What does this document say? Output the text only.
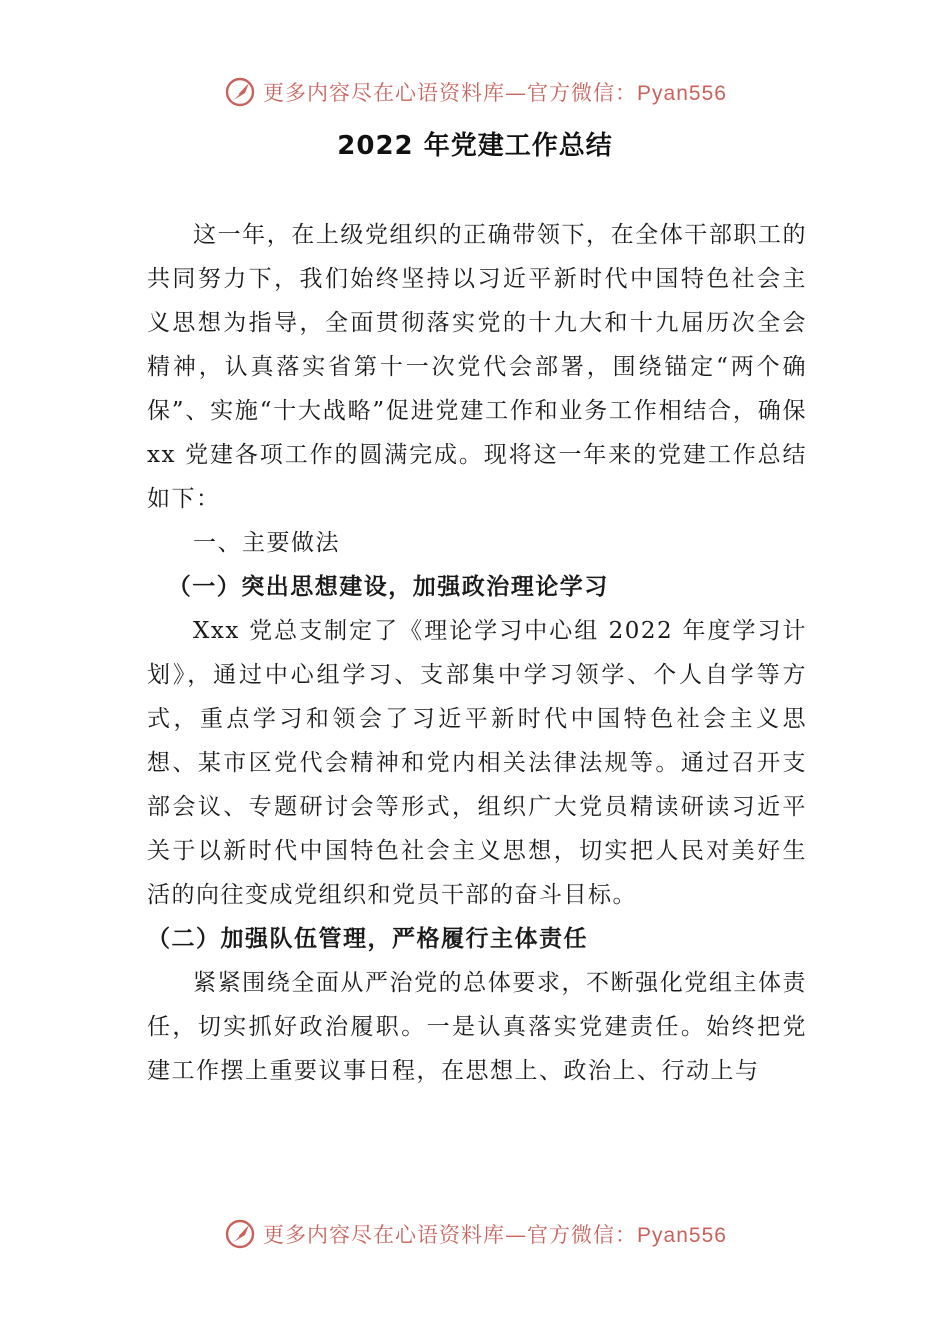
更多内容尽在心语资料库—官方微信：Pyan556
2022 年党建工作总结

这一年，在上级党组织的正确带领下，在全体干部职工的共同努力下，我们始终坚持以习近平新时代中国特色社会主义思想为指导，全面贯彻落实党的十九大和十九届历次全会精神，认真落实省第十一次党代会部署，围绕锚定“两个确保”、实施“十大战略”促进党建工作和业务工作相结合，确保 xx 党建各项工作的圆满完成。现将这一年来的党建工作总结如下：

一、主要做法

（一）突出思想建设，加强政治理论学习

Xxx 党总支制定了《理论学习中心组 2022 年度学习计划》，通过中心组学习、支部集中学习领学、个人自学等方 式，重点学习和领会了习近平新时代中国特色社会主义思 想、某市区党代会精神和党内相关法律法规等。通过召开支部会议、专题研讨会等形式，组织广大党员精读研读习近平关于以新时代中国特色社会主义思想，切实把人民对美好生活的向往变成党组织和党员干部的奋斗目标。

（二）加强队伍管理，严格履行主体责任

紧紧围绕全面从严治党的总体要求，不断强化党组主体责任，切实抓好政治履职。一是认真落实党建责任。始终把党建工作摆上重要议事日程，在思想上、政治上、行动上与

更多内容尽在心语资料库—官方微信：Pyan556
